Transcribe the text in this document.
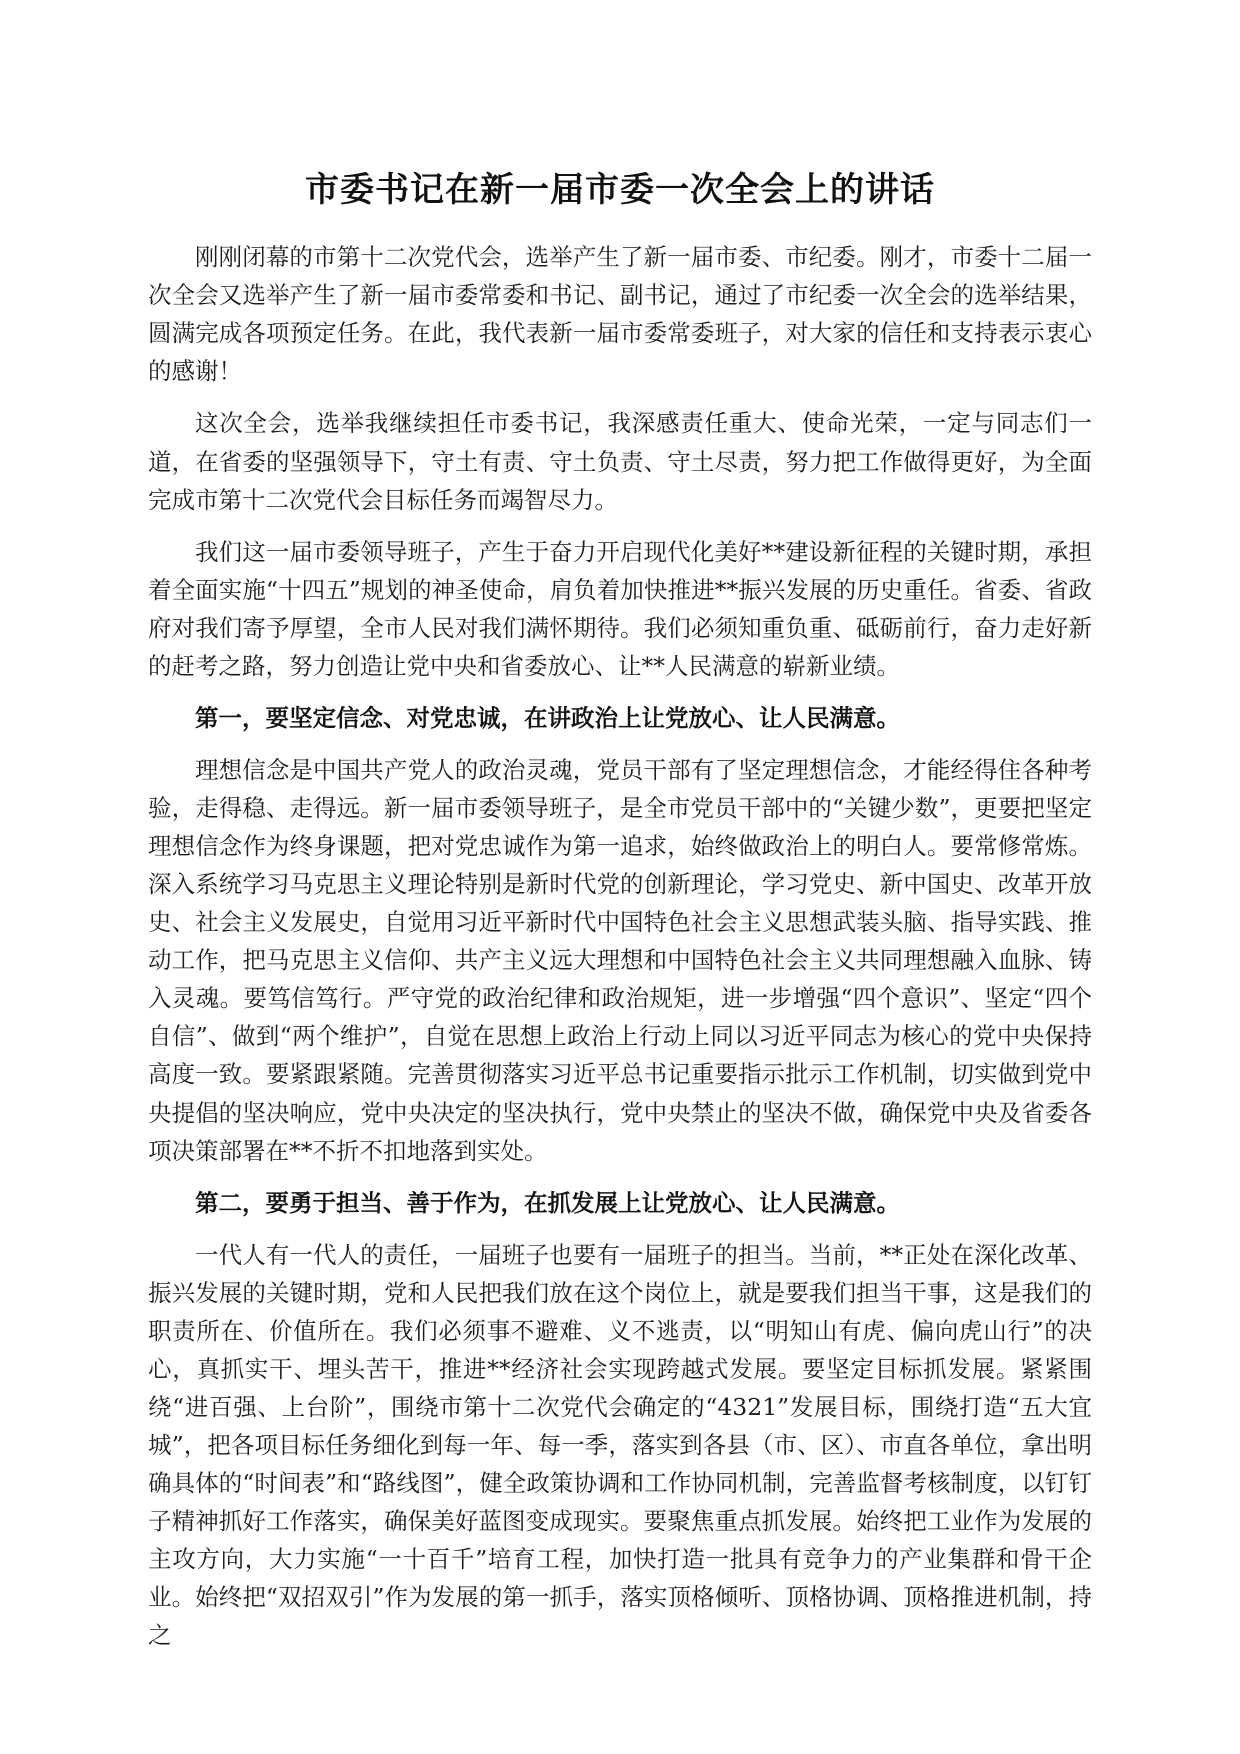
市委书记在新一届市委一次全会上的讲话

刚刚闭幕的市第十二次党代会，选举产生了新一届市委、市纪委。刚才，市委十二届一次全会又选举产生了新一届市委常委和书记、副书记，通过了市纪委一次全会的选举结果，圆满完成各项预定任务。在此，我代表新一届市委常委班子，对大家的信任和支持表示衷心的感谢！

这次全会，选举我继续担任市委书记，我深感责任重大、使命光荣，一定与同志们一道，在省委的坚强领导下，守土有责、守土负责、守土尽责，努力把工作做得更好，为全面完成市第十二次党代会目标任务而竭智尽力。

我们这一届市委领导班子，产生于奋力开启现代化美好**建设新征程的关键时期，承担着全面实施“十四五”规划的神圣使命，肩负着加快推进**振兴发展的历史重任。省委、省政府对我们寄予厚望，全市人民对我们满怀期待。我们必须知重负重、砥砺前行，奋力走好新的赶考之路，努力创造让党中央和省委放心、让**人民满意的崭新业绩。

第一，要坚定信念、对党忠诚，在讲政治上让党放心、让人民满意。

理想信念是中国共产党人的政治灵魂，党员干部有了坚定理想信念，才能经得住各种考验，走得稳、走得远。新一届市委领导班子，是全市党员干部中的“关键少数”，更要把坚定理想信念作为终身课题，把对党忠诚作为第一追求，始终做政治上的明白人。要常修常炼。深入系统学习马克思主义理论特别是新时代党的创新理论，学习党史、新中国史、改革开放史、社会主义发展史，自觉用习近平新时代中国特色社会主义思想武装头脑、指导实践、推动工作，把马克思主义信仰、共产主义远大理想和中国特色社会主义共同理想融入血脉、铸入灵魂。要笃信笃行。严守党的政治纪律和政治规矩，进一步增强“四个意识”、坚定“四个自信”、做到“两个维护”，自觉在思想上政治上行动上同以习近平同志为核心的党中央保持高度一致。要紧跟紧随。完善贯彻落实习近平总书记重要指示批示工作机制，切实做到党中央提倡的坚决响应，党中央决定的坚决执行，党中央禁止的坚决不做，确保党中央及省委各项决策部署在**不折不扣地落到实处。

第二，要勇于担当、善于作为，在抓发展上让党放心、让人民满意。

一代人有一代人的责任，一届班子也要有一届班子的担当。当前，**正处在深化改革、振兴发展的关键时期，党和人民把我们放在这个岗位上，就是要我们担当干事，这是我们的职责所在、价值所在。我们必须事不避难、义不逃责，以“明知山有虎、偏向虎山行”的决心，真抓实干、埋头苦干，推进**经济社会实现跨越式发展。要坚定目标抓发展。紧紧围绕“进百强、上台阶”，围绕市第十二次党代会确定的“4321”发展目标，围绕打造“五大宜城”，把各项目标任务细化到每一年、每一季，落实到各县（市、区）、市直各单位，拿出明确具体的“时间表”和“路线图”，健全政策协调和工作协同机制，完善监督考核制度，以钉钉子精神抓好工作落实，确保美好蓝图变成现实。要聚焦重点抓发展。始终把工业作为发展的主攻方向，大力实施“一十百千”培育工程，加快打造一批具有竞争力的产业集群和骨干企业。始终把“双招双引”作为发展的第一抓手，落实顶格倾听、顶格协调、顶格推进机制，持之
